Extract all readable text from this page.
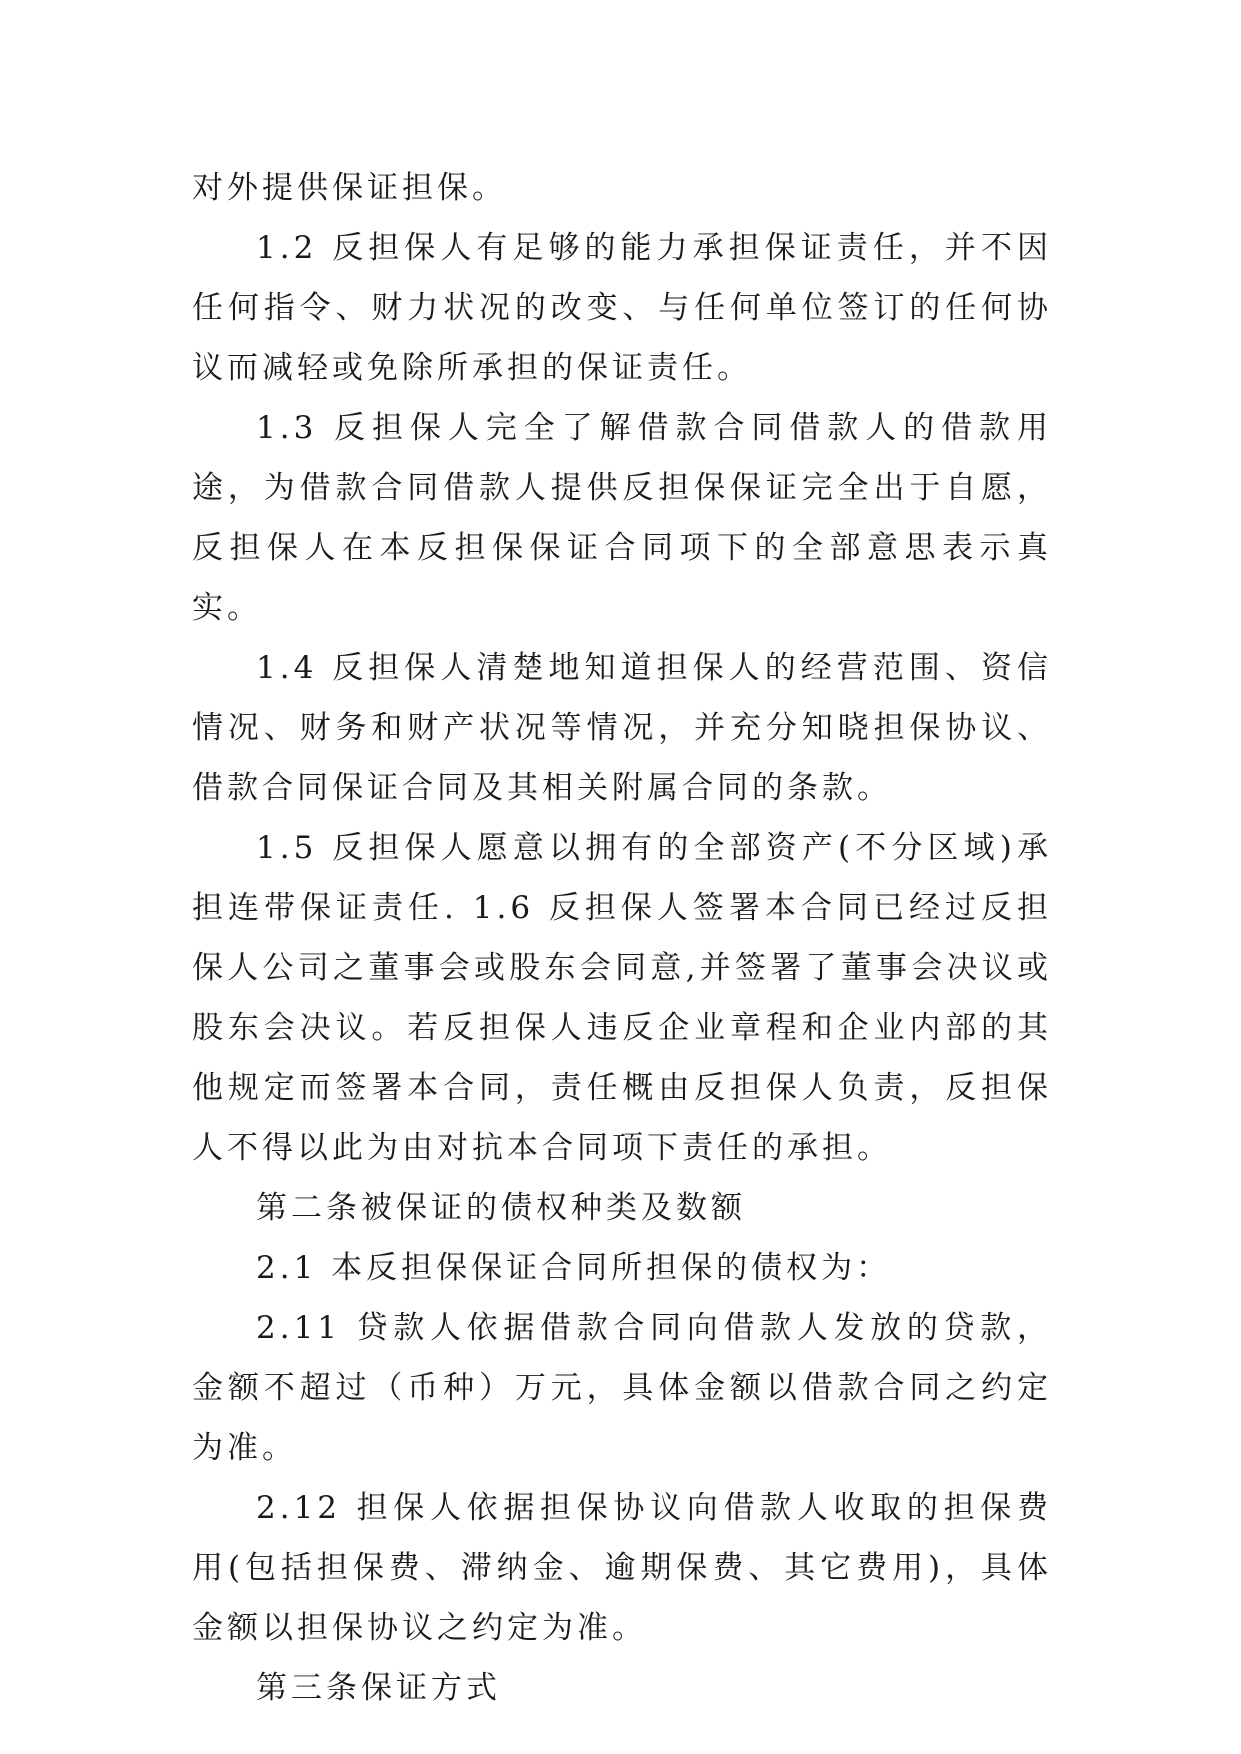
对外提供保证担保。

1.2 反担保人有足够的能力承担保证责任，并不因任何指令、财力状况的改变、与任何单位签订的任何协议而减轻或免除所承担的保证责任。

1.3 反担保人完全了解借款合同借款人的借款用途，为借款合同借款人提供反担保保证完全出于自愿，反担保人在本反担保保证合同项下的全部意思表示真实。

1.4 反担保人清楚地知道担保人的经营范围、资信情况、财务和财产状况等情况，并充分知晓担保协议、借款合同保证合同及其相关附属合同的条款。

1.5 反担保人愿意以拥有的全部资产(不分区域)承担连带保证责任. 1.6 反担保人签署本合同已经过反担保人公司之董事会或股东会同意,并签署了董事会决议或股东会决议。若反担保人违反企业章程和企业内部的其他规定而签署本合同，责任概由反担保人负责，反担保人不得以此为由对抗本合同项下责任的承担。

第二条被保证的债权种类及数额

2.1 本反担保保证合同所担保的债权为：

2.11 贷款人依据借款合同向借款人发放的贷款，金额不超过（币种）万元，具体金额以借款合同之约定为准。

2.12 担保人依据担保协议向借款人收取的担保费用(包括担保费、滞纳金、逾期保费、其它费用)，具体金额以担保协议之约定为准。

第三条保证方式
